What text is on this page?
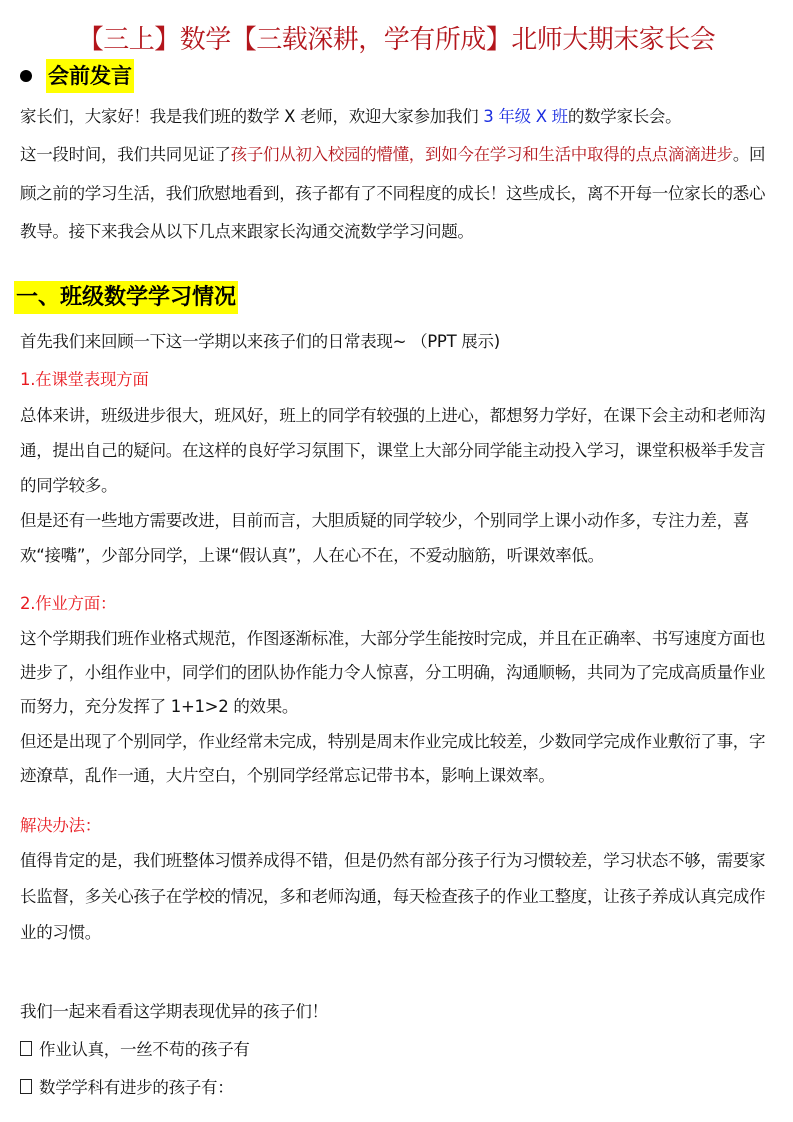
【三上】数学【三载深耕，学有所成】北师大期末家长会
会前发言
家长们，大家好！我是我们班的数学 X 老师，欢迎大家参加我们 3 年级 X 班的数学家长会。
这一段时间，我们共同见证了孩子们从初入校园的懵懂，到如今在学习和生活中取得的点点滴滴进步。回顾之前的学习生活，我们欣慰地看到，孩子都有了不同程度的成长！这些成长，离不开每一位家长的悉心教导。接下来我会从以下几点来跟家长沟通交流数学学习问题。
一、班级数学学习情况
首先我们来回顾一下这一学期以来孩子们的日常表现~ （PPT 展示)
1.在课堂表现方面
总体来讲，班级进步很大，班风好，班上的同学有较强的上进心，都想努力学好，在课下会主动和老师沟通，提出自己的疑问。在这样的良好学习氛围下，课堂上大部分同学能主动投入学习，课堂积极举手发言的同学较多。
但是还有一些地方需要改进，目前而言，大胆质疑的同学较少，个别同学上课小动作多，专注力差，喜欢“接嘴”，少部分同学，上课“假认真”，人在心不在，不爱动脑筋，听课效率低。
2.作业方面：
这个学期我们班作业格式规范，作图逐渐标准，大部分学生能按时完成，并且在正确率、书写速度方面也进步了，小组作业中，同学们的团队协作能力令人惊喜，分工明确，沟通顺畅，共同为了完成高质量作业而努力，充分发挥了 1+1>2 的效果。
但还是出现了个别同学，作业经常未完成，特别是周末作业完成比较差，少数同学完成作业敷衍了事，字迹潦草，乱作一通，大片空白，个别同学经常忘记带书本，影响上课效率。
解决办法：
值得肯定的是，我们班整体习惯养成得不错，但是仍然有部分孩子行为习惯较差，学习状态不够，需要家长监督，多关心孩子在学校的情况，多和老师沟通，每天检查孩子的作业工整度，让孩子养成认真完成作业的习惯。
我们一起来看看这学期表现优异的孩子们！
作业认真，一丝不苟的孩子有
数学学科有进步的孩子有：
